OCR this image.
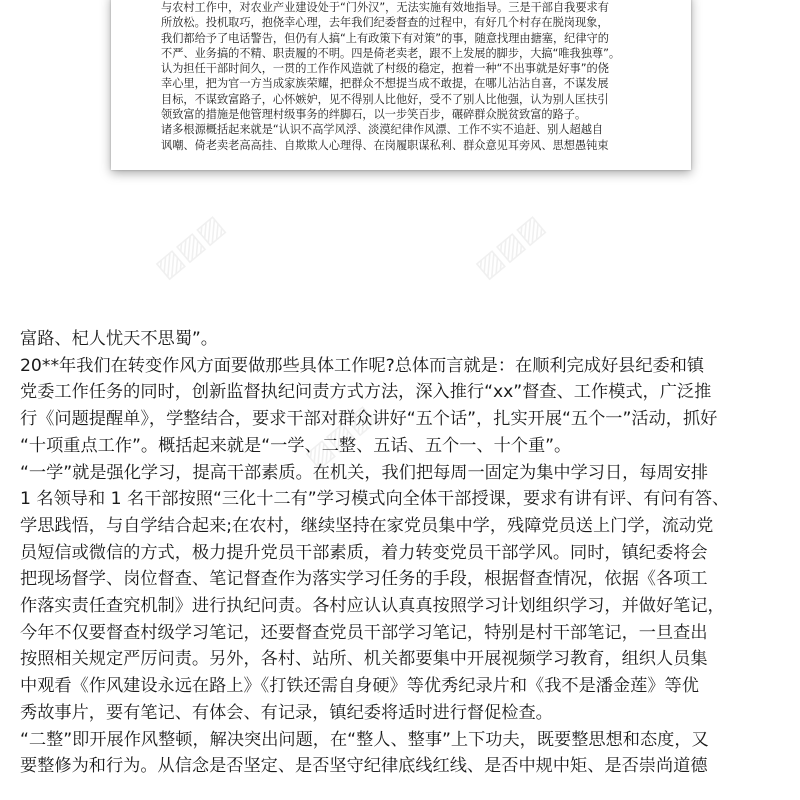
与农村工作中，对农业产业建设处于“门外汉”，无法实施有效地指导。三是干部自我要求有

所放松。投机取巧，抱侥幸心理，去年我们纪委督查的过程中，有好几个村存在脱岗现象，

我们都给予了电话警告，但仍有人搞“上有政策下有对策”的事，随意找理由搪塞，纪律守的

不严、业务搞的不精、职责履的不明。四是倚老卖老，跟不上发展的脚步，大搞“唯我独尊”。

认为担任干部时间久，一贯的工作作风造就了村级的稳定，抱着一种“不出事就是好事”的侥

幸心里，把为官一方当成家族荣耀，把群众不想提当成不敢提，在哪儿沾沾自喜，不谋发展

目标，不谋致富路子，心怀嫉妒，见不得别人比他好，受不了别人比他强，认为别人匡扶引

领致富的措施是他管理村级事务的绊脚石，以一步笑百步，碾碎群众脱贫致富的路子。

诸多根源概括起来就是“认识不高学风浮、淡漠纪律作风漂、工作不实不追赶、别人超越自

讽嘲、倚老卖老高高挂、自欺欺人心理得、在岗履职谋私利、群众意见耳旁风、思想愚钝束

▨▨▨	▨▨▨
▨▨▨

富路、杞人忧天不思蜀”。

20**年我们在转变作风方面要做那些具体工作呢?总体而言就是：在顺利完成好县纪委和镇

党委工作任务的同时，创新监督执纪问责方式方法，深入推行“xx”督查、工作模式，广泛推

行《问题提醒单》，学整结合，要求干部对群众讲好“五个话”，扎实开展“五个一”活动，抓好

“十项重点工作”。概括起来就是“一学、二整、五话、五个一、十个重”。

“一学”就是强化学习，提高干部素质。在机关，我们把每周一固定为集中学习日，每周安排

1 名领导和 1 名干部按照“三化十二有”学习模式向全体干部授课，要求有讲有评、有问有答、

学思践悟，与自学结合起来;在农村，继续坚持在家党员集中学，残障党员送上门学，流动党

员短信或微信的方式，极力提升党员干部素质，着力转变党员干部学风。同时，镇纪委将会

把现场督学、岗位督查、笔记督查作为落实学习任务的手段，根据督查情况，依据《各项工

作落实责任查究机制》进行执纪问责。各村应认认真真按照学习计划组织学习，并做好笔记，

今年不仅要督查村级学习笔记，还要督查党员干部学习笔记，特别是村干部笔记，一旦查出

按照相关规定严厉问责。另外，各村、站所、机关都要集中开展视频学习教育，组织人员集

中观看《作风建设永远在路上》《打铁还需自身硬》等优秀纪录片和《我不是潘金莲》等优

秀故事片，要有笔记、有体会、有记录，镇纪委将适时进行督促检查。

“二整”即开展作风整顿，解决突出问题，在“整人、整事”上下功夫，既要整思想和态度，又

要整修为和行为。从信念是否坚定、是否坚守纪律底线红线、是否中规中矩、是否崇尚道德
